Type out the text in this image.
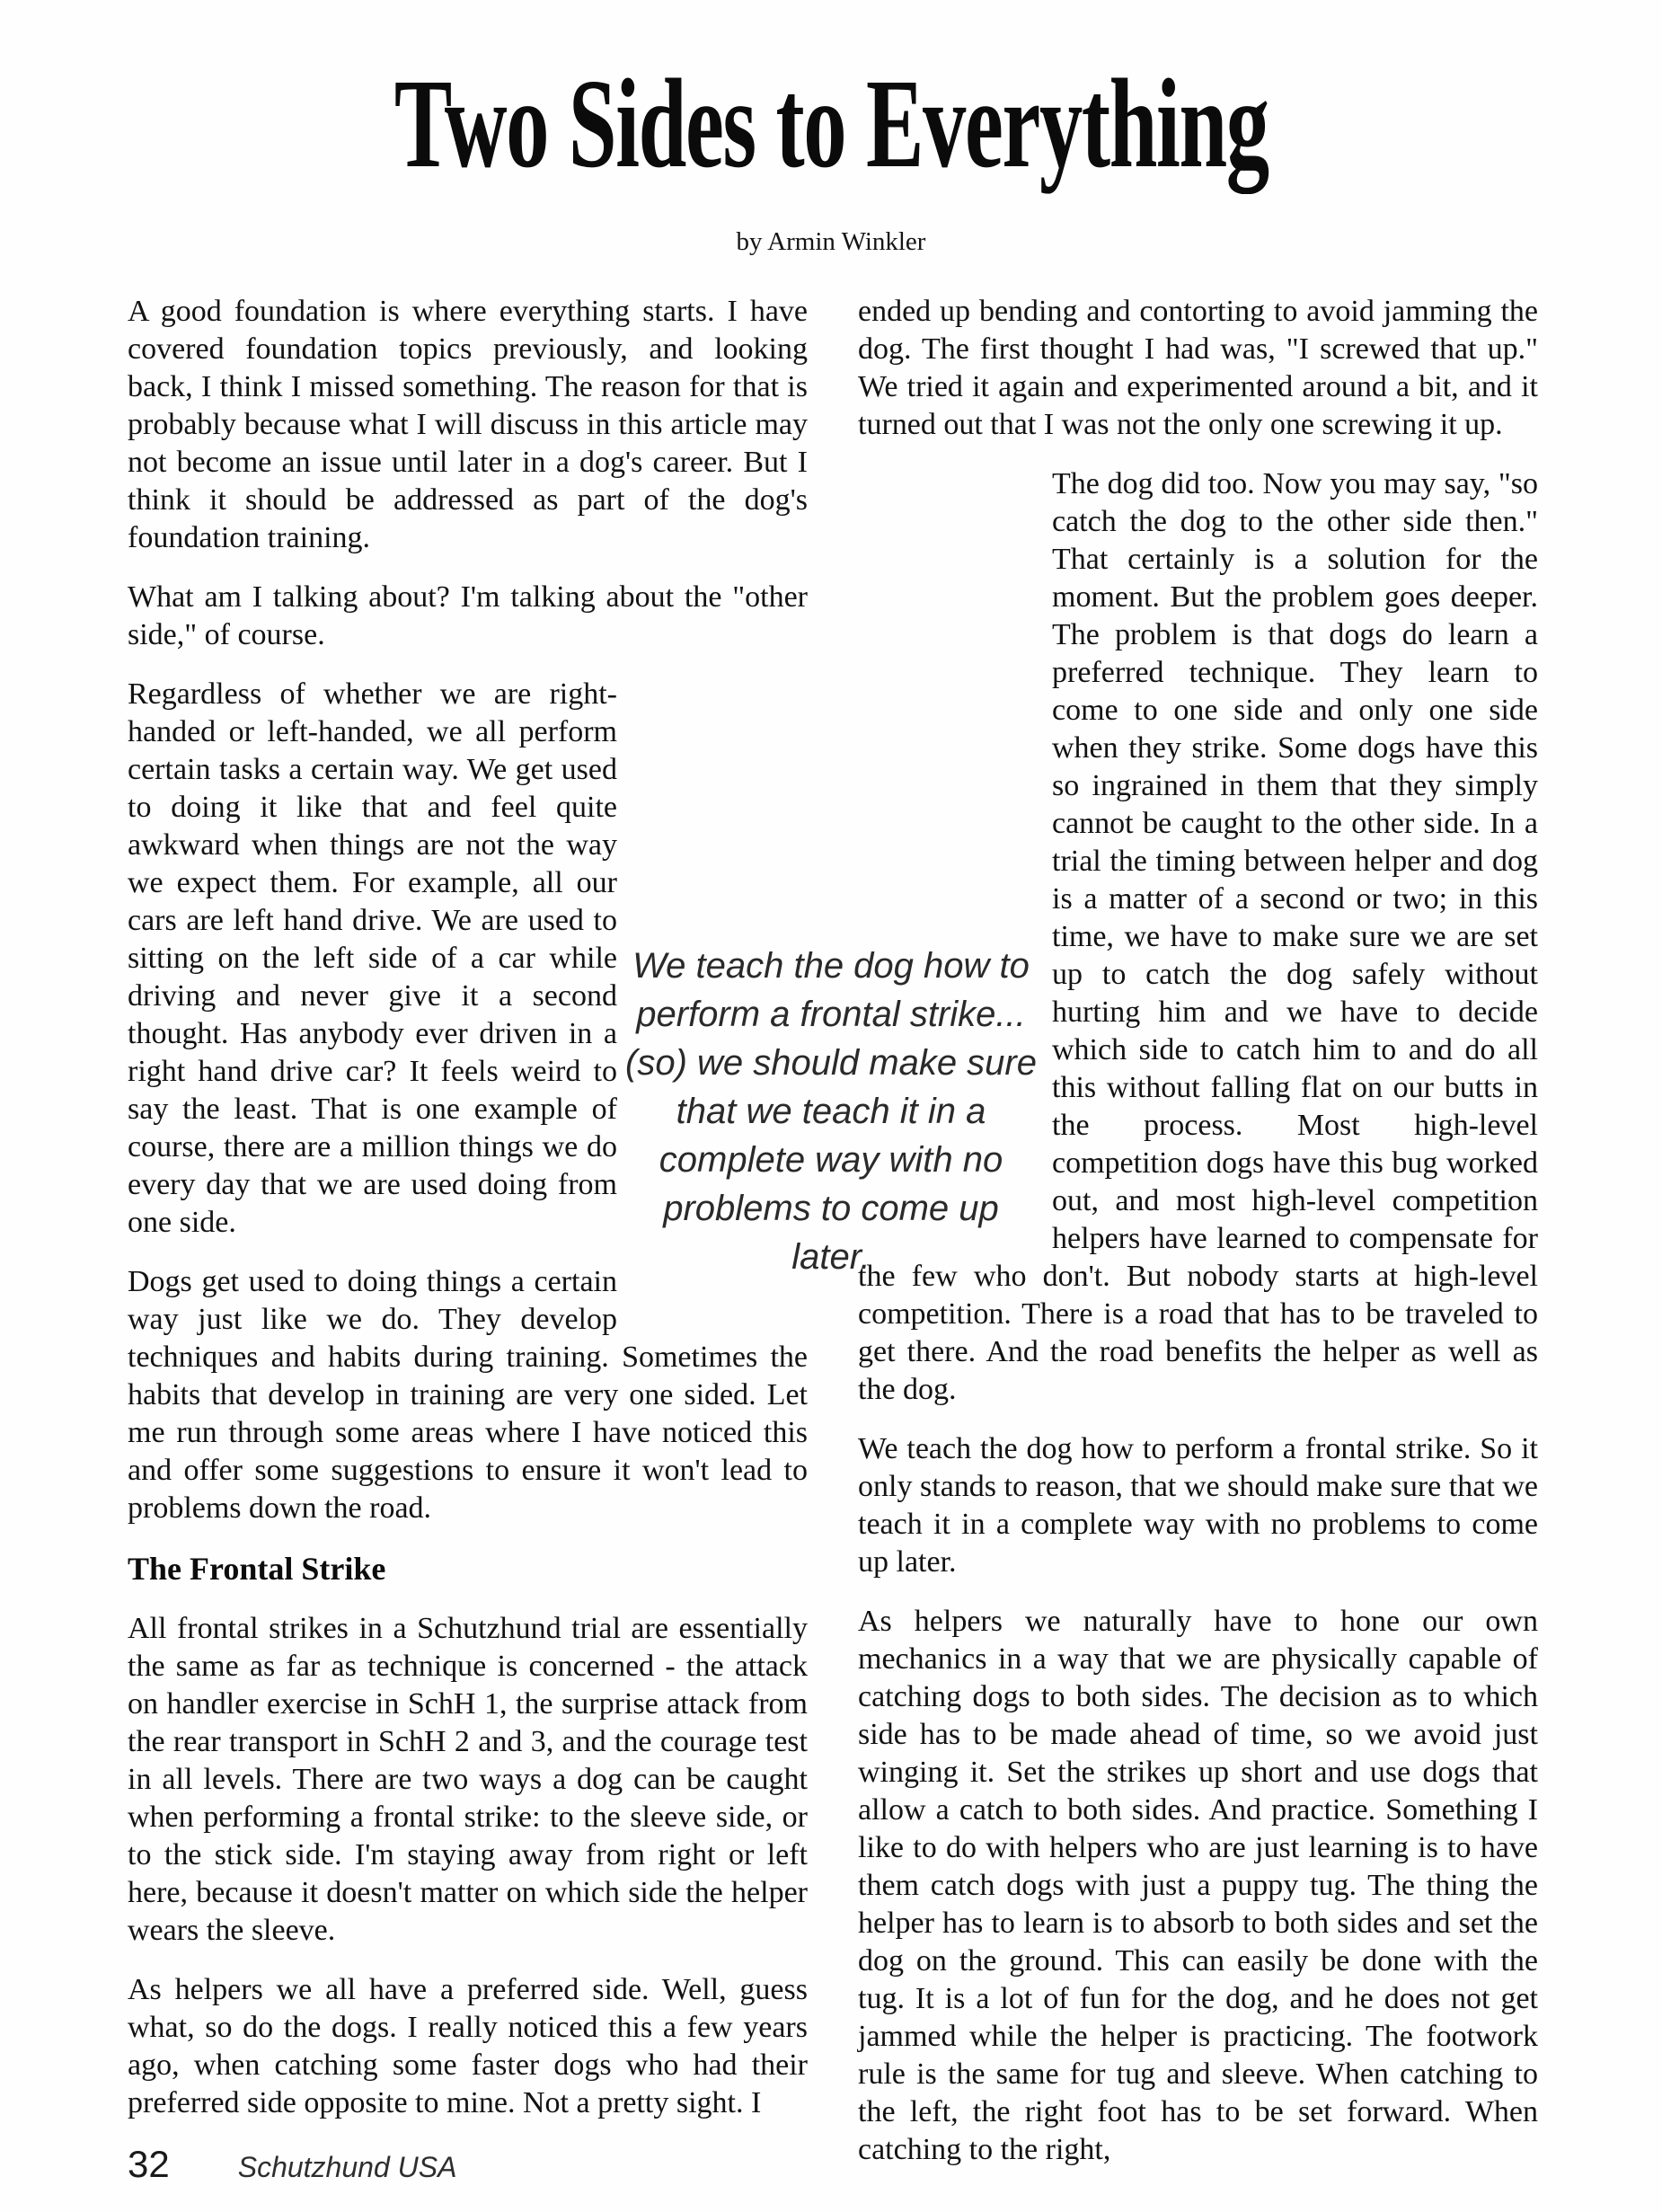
Two Sides to Everything
by Armin Winkler

A good foundation is where everything starts. I have covered foundation topics previously, and looking back, I think I missed something. The reason for that is probably because what I will discuss in this article may not become an issue until later in a dog's career. But I think it should be addressed as part of the dog's foundation training.

What am I talking about? I'm talking about the "other side," of course.

Regardless of whether we are right-handed or left-handed, we all perform certain tasks a certain way. We get used to doing it like that and feel quite awkward when things are not the way we expect them. For example, all our cars are left hand drive. We are used to sitting on the left side of a car while driving and never give it a second thought. Has anybody ever driven in a right hand drive car? It feels weird to say the least. That is one example of course, there are a million things we do every day that we are used doing from one side.

Dogs get used to doing things a certain way just like we do. They develop techniques and habits during training. Sometimes the habits that develop in training are very one sided. Let me run through some areas where I have noticed this and offer some suggestions to ensure it won't lead to problems down the road.

The Frontal Strike

All frontal strikes in a Schutzhund trial are essentially the same as far as technique is concerned - the attack on handler exercise in SchH 1, the surprise attack from the rear transport in SchH 2 and 3, and the courage test in all levels. There are two ways a dog can be caught when performing a frontal strike: to the sleeve side, or to the stick side. I'm staying away from right or left here, because it doesn't matter on which side the helper wears the sleeve.

As helpers we all have a preferred side. Well, guess what, so do the dogs. I really noticed this a few years ago, when catching some faster dogs who had their preferred side opposite to mine. Not a pretty sight. I

ended up bending and contorting to avoid jamming the dog. The first thought I had was, "I screwed that up." We tried it again and experimented around a bit, and it turned out that I was not the only one screwing it up.

The dog did too. Now you may say, "so catch the dog to the other side then." That certainly is a solution for the moment. But the problem goes deeper. The problem is that dogs do learn a preferred technique. They learn to come to one side and only one side when they strike. Some dogs have this so ingrained in them that they simply cannot be caught to the other side. In a trial the timing between helper and dog is a matter of a second or two; in this time, we have to make sure we are set up to catch the dog safely without hurting him and we have to decide which side to catch him to and do all this without falling flat on our butts in the process. Most high-level competition dogs have this bug worked out, and most high-level competition helpers have learned to compensate for the few who don't. But nobody starts at high-level competition. There is a road that has to be traveled to get there. And the road benefits the helper as well as the dog.

We teach the dog how to perform a frontal strike. So it only stands to reason, that we should make sure that we teach it in a complete way with no problems to come up later.

As helpers we naturally have to hone our own mechanics in a way that we are physically capable of catching dogs to both sides. The decision as to which side has to be made ahead of time, so we avoid just winging it. Set the strikes up short and use dogs that allow a catch to both sides. And practice. Something I like to do with helpers who are just learning is to have them catch dogs with just a puppy tug. The thing the helper has to learn is to absorb to both sides and set the dog on the ground. This can easily be done with the tug. It is a lot of fun for the dog, and he does not get jammed while the helper is practicing. The footwork rule is the same for tug and sleeve. When catching to the left, the right foot has to be set forward. When catching to the right,

We teach the dog how to perform a frontal strike...(so) we should make sure that we teach it in a complete way with no problems to come up later.
32 Schutzhund USA
